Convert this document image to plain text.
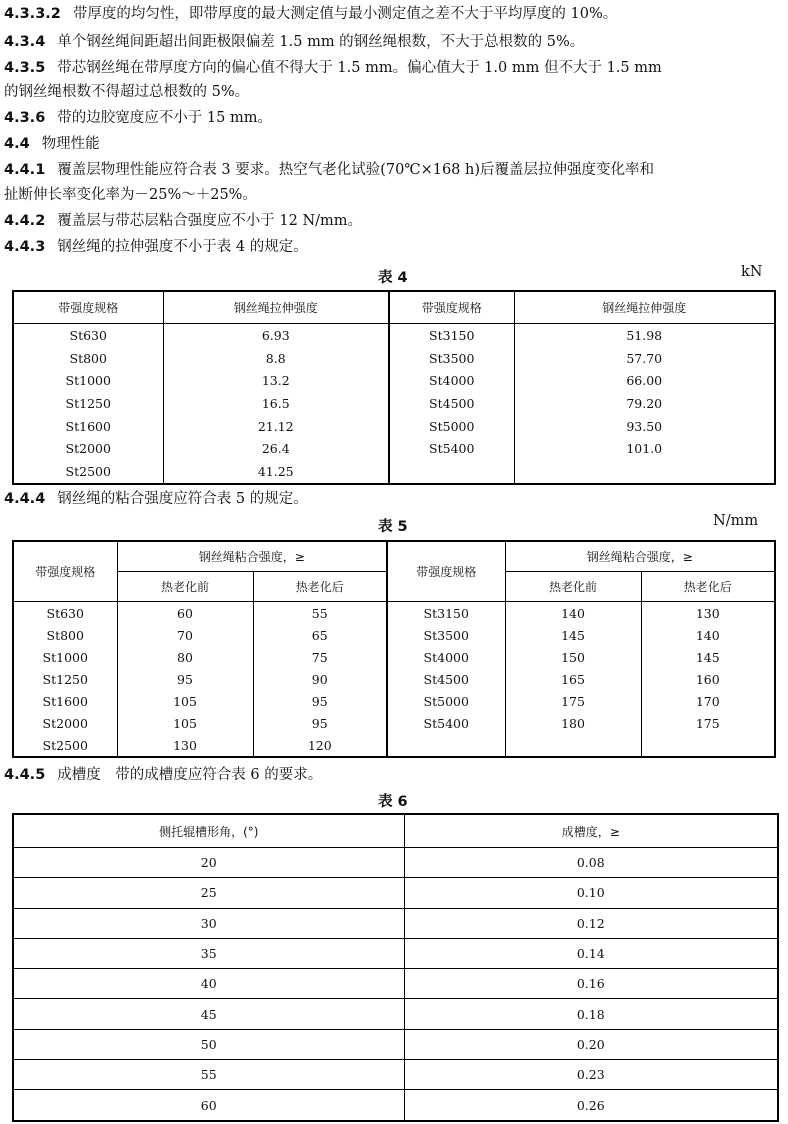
4.3.3.2 带厚度的均匀性，即带厚度的最大测定值与最小测定值之差不大于平均厚度的 10%。
4.3.4 单个钢丝绳间距超出间距极限偏差 1.5 mm 的钢丝绳根数，不大于总根数的 5%。
4.3.5 带芯钢丝绳在带厚度方向的偏心值不得大于 1.5 mm。偏心值大于 1.0 mm 但不大于 1.5 mm
的钢丝绳根数不得超过总根数的 5%。
4.3.6 带的边胶宽度应不小于 15 mm。
4.4 物理性能
4.4.1 覆盖层物理性能应符合表 3 要求。热空气老化试验(70℃×168 h)后覆盖层拉伸强度变化率和
扯断伸长率变化率为－25%～＋25%。
4.4.2 覆盖层与带芯层粘合强度应不小于 12 N/mm。
4.4.3 钢丝绳的拉伸强度不小于表 4 的规定。
表 4	kN
带强度规格	钢丝绳拉伸强度	带强度规格	钢丝绳拉伸强度
St630	6.93	St3150	51.98
St800	8.8	St3500	57.70
St1000	13.2	St4000	66.00
St1250	16.5	St4500	79.20
St1600	21.12	St5000	93.50
St2000	26.4	St5400	101.0
St2500	41.25		
4.4.4 钢丝绳的粘合强度应符合表 5 的规定。
表 5	N/mm
带强度规格	钢丝绳粘合强度，≥		带强度规格	钢丝绳粘合强度，≥	
	热老化前	热老化后		热老化前	热老化后
St630	60	55	St3150	140	130
St800	70	65	St3500	145	140
St1000	80	75	St4000	150	145
St1250	95	90	St4500	165	160
St1600	105	95	St5000	175	170
St2000	105	95	St5400	180	175
St2500	130	120			
4.4.5 成槽度　带的成槽度应符合表 6 的要求。
表 6
侧托辊槽形角，(°)	成槽度，≥
20	0.08
25	0.10
30	0.12
35	0.14
40	0.16
45	0.18
50	0.20
55	0.23
60	0.26
